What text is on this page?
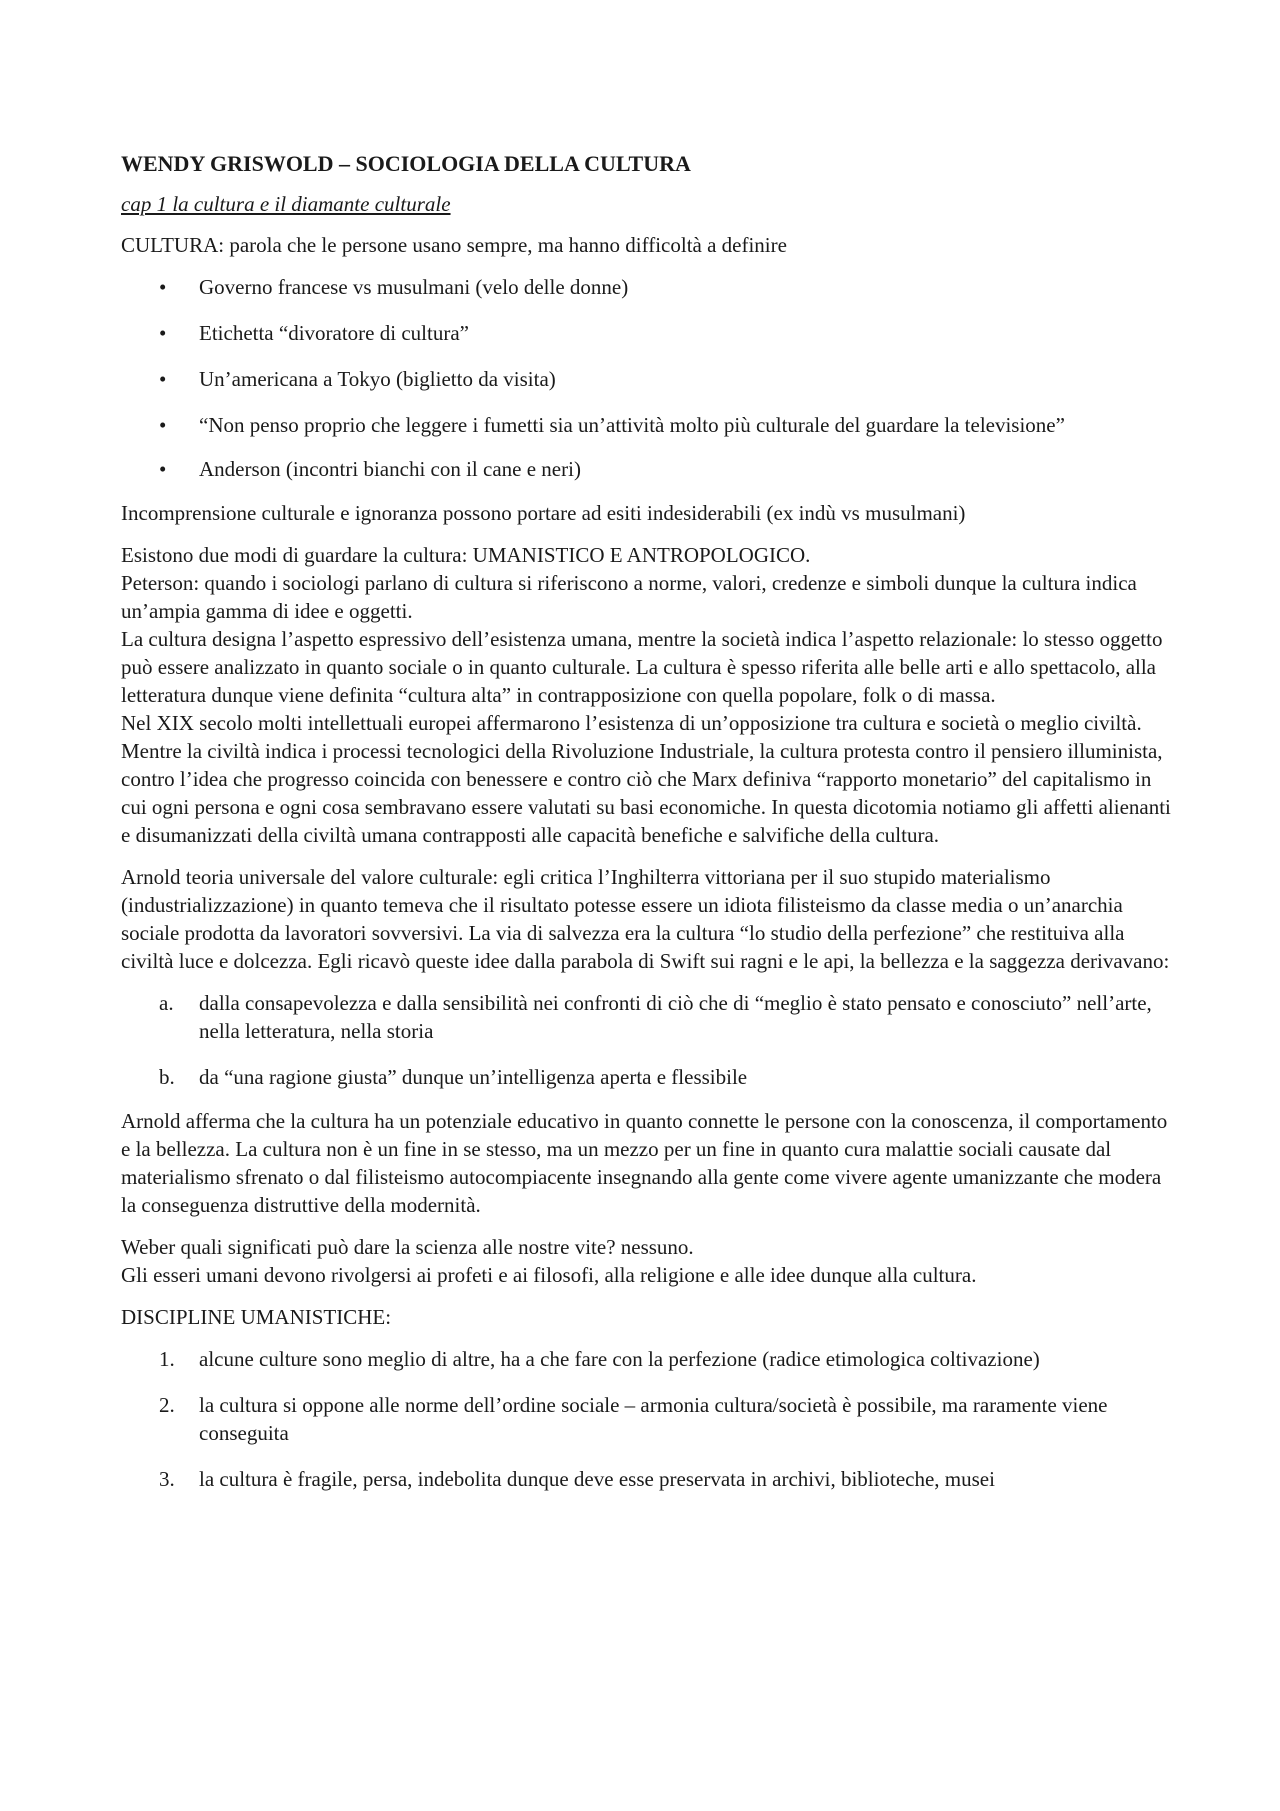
WENDY GRISWOLD – SOCIOLOGIA DELLA CULTURA
cap 1 la cultura e il diamante culturale

CULTURA: parola che le persone usano sempre, ma hanno difficoltà a definire

• Governo francese vs musulmani (velo delle donne)
• Etichetta “divoratore di cultura”
• Un’americana a Tokyo (biglietto da visita)
• “Non penso proprio che leggere i fumetti sia un’attività molto più culturale del guardare la televisione”
• Anderson (incontri bianchi con il cane e neri)

Incomprensione culturale e ignoranza possono portare ad esiti indesiderabili (ex indù vs musulmani)

Esistono due modi di guardare la cultura: UMANISTICO E ANTROPOLOGICO.

Peterson: quando i sociologi parlano di cultura si riferiscono a norme, valori, credenze e simboli dunque la cultura indica un’ampia gamma di idee e oggetti.

La cultura designa l’aspetto espressivo dell’esistenza umana, mentre la società indica l’aspetto relazionale: lo stesso oggetto può essere analizzato in quanto sociale o in quanto culturale. La cultura è spesso riferita alle belle arti e allo spettacolo, alla letteratura dunque viene definita “cultura alta” in contrapposizione con quella popolare, folk o di massa.

Nel XIX secolo molti intellettuali europei affermarono l’esistenza di un’opposizione tra cultura e società o meglio civiltà. Mentre la civiltà indica i processi tecnologici della Rivoluzione Industriale, la cultura protesta contro il pensiero illuminista, contro l’idea che progresso coincida con benessere e contro ciò che Marx definiva “rapporto monetario” del capitalismo in cui ogni persona e ogni cosa sembravano essere valutati su basi economiche. In questa dicotomia notiamo gli affetti alienanti e disumanizzati della civiltà umana contrapposti alle capacità benefiche e salvifiche della cultura.

Arnold teoria universale del valore culturale: egli critica l’Inghilterra vittoriana per il suo stupido materialismo (industrializzazione) in quanto temeva che il risultato potesse essere un idiota filisteismo da classe media o un’anarchia sociale prodotta da lavoratori sovversivi. La via di salvezza era la cultura “lo studio della perfezione” che restituiva alla civiltà luce e dolcezza. Egli ricavò queste idee dalla parabola di Swift sui ragni e le api, la bellezza e la saggezza derivavano:

a. dalla consapevolezza e dalla sensibilità nei confronti di ciò che di “meglio è stato pensato e conosciuto” nell’arte, nella letteratura, nella storia
b. da “una ragione giusta” dunque un’intelligenza aperta e flessibile

Arnold afferma che la cultura ha un potenziale educativo in quanto connette le persone con la conoscenza, il comportamento e la bellezza. La cultura non è un fine in se stesso, ma un mezzo per un fine in quanto cura malattie sociali causate dal materialismo sfrenato o dal filisteismo autocompiacente insegnando alla gente come vivere agente umanizzante che modera la conseguenza distruttive della modernità.

Weber quali significati può dare la scienza alle nostre vite? nessuno.

Gli esseri umani devono rivolgersi ai profeti e ai filosofi, alla religione e alle idee dunque alla cultura.

DISCIPLINE UMANISTICHE:

1. alcune culture sono meglio di altre, ha a che fare con la perfezione (radice etimologica coltivazione)
2. la cultura si oppone alle norme dell’ordine sociale – armonia cultura/società è possibile, ma raramente viene conseguita
3. la cultura è fragile, persa, indebolita dunque deve esse preservata in archivi, biblioteche, musei
